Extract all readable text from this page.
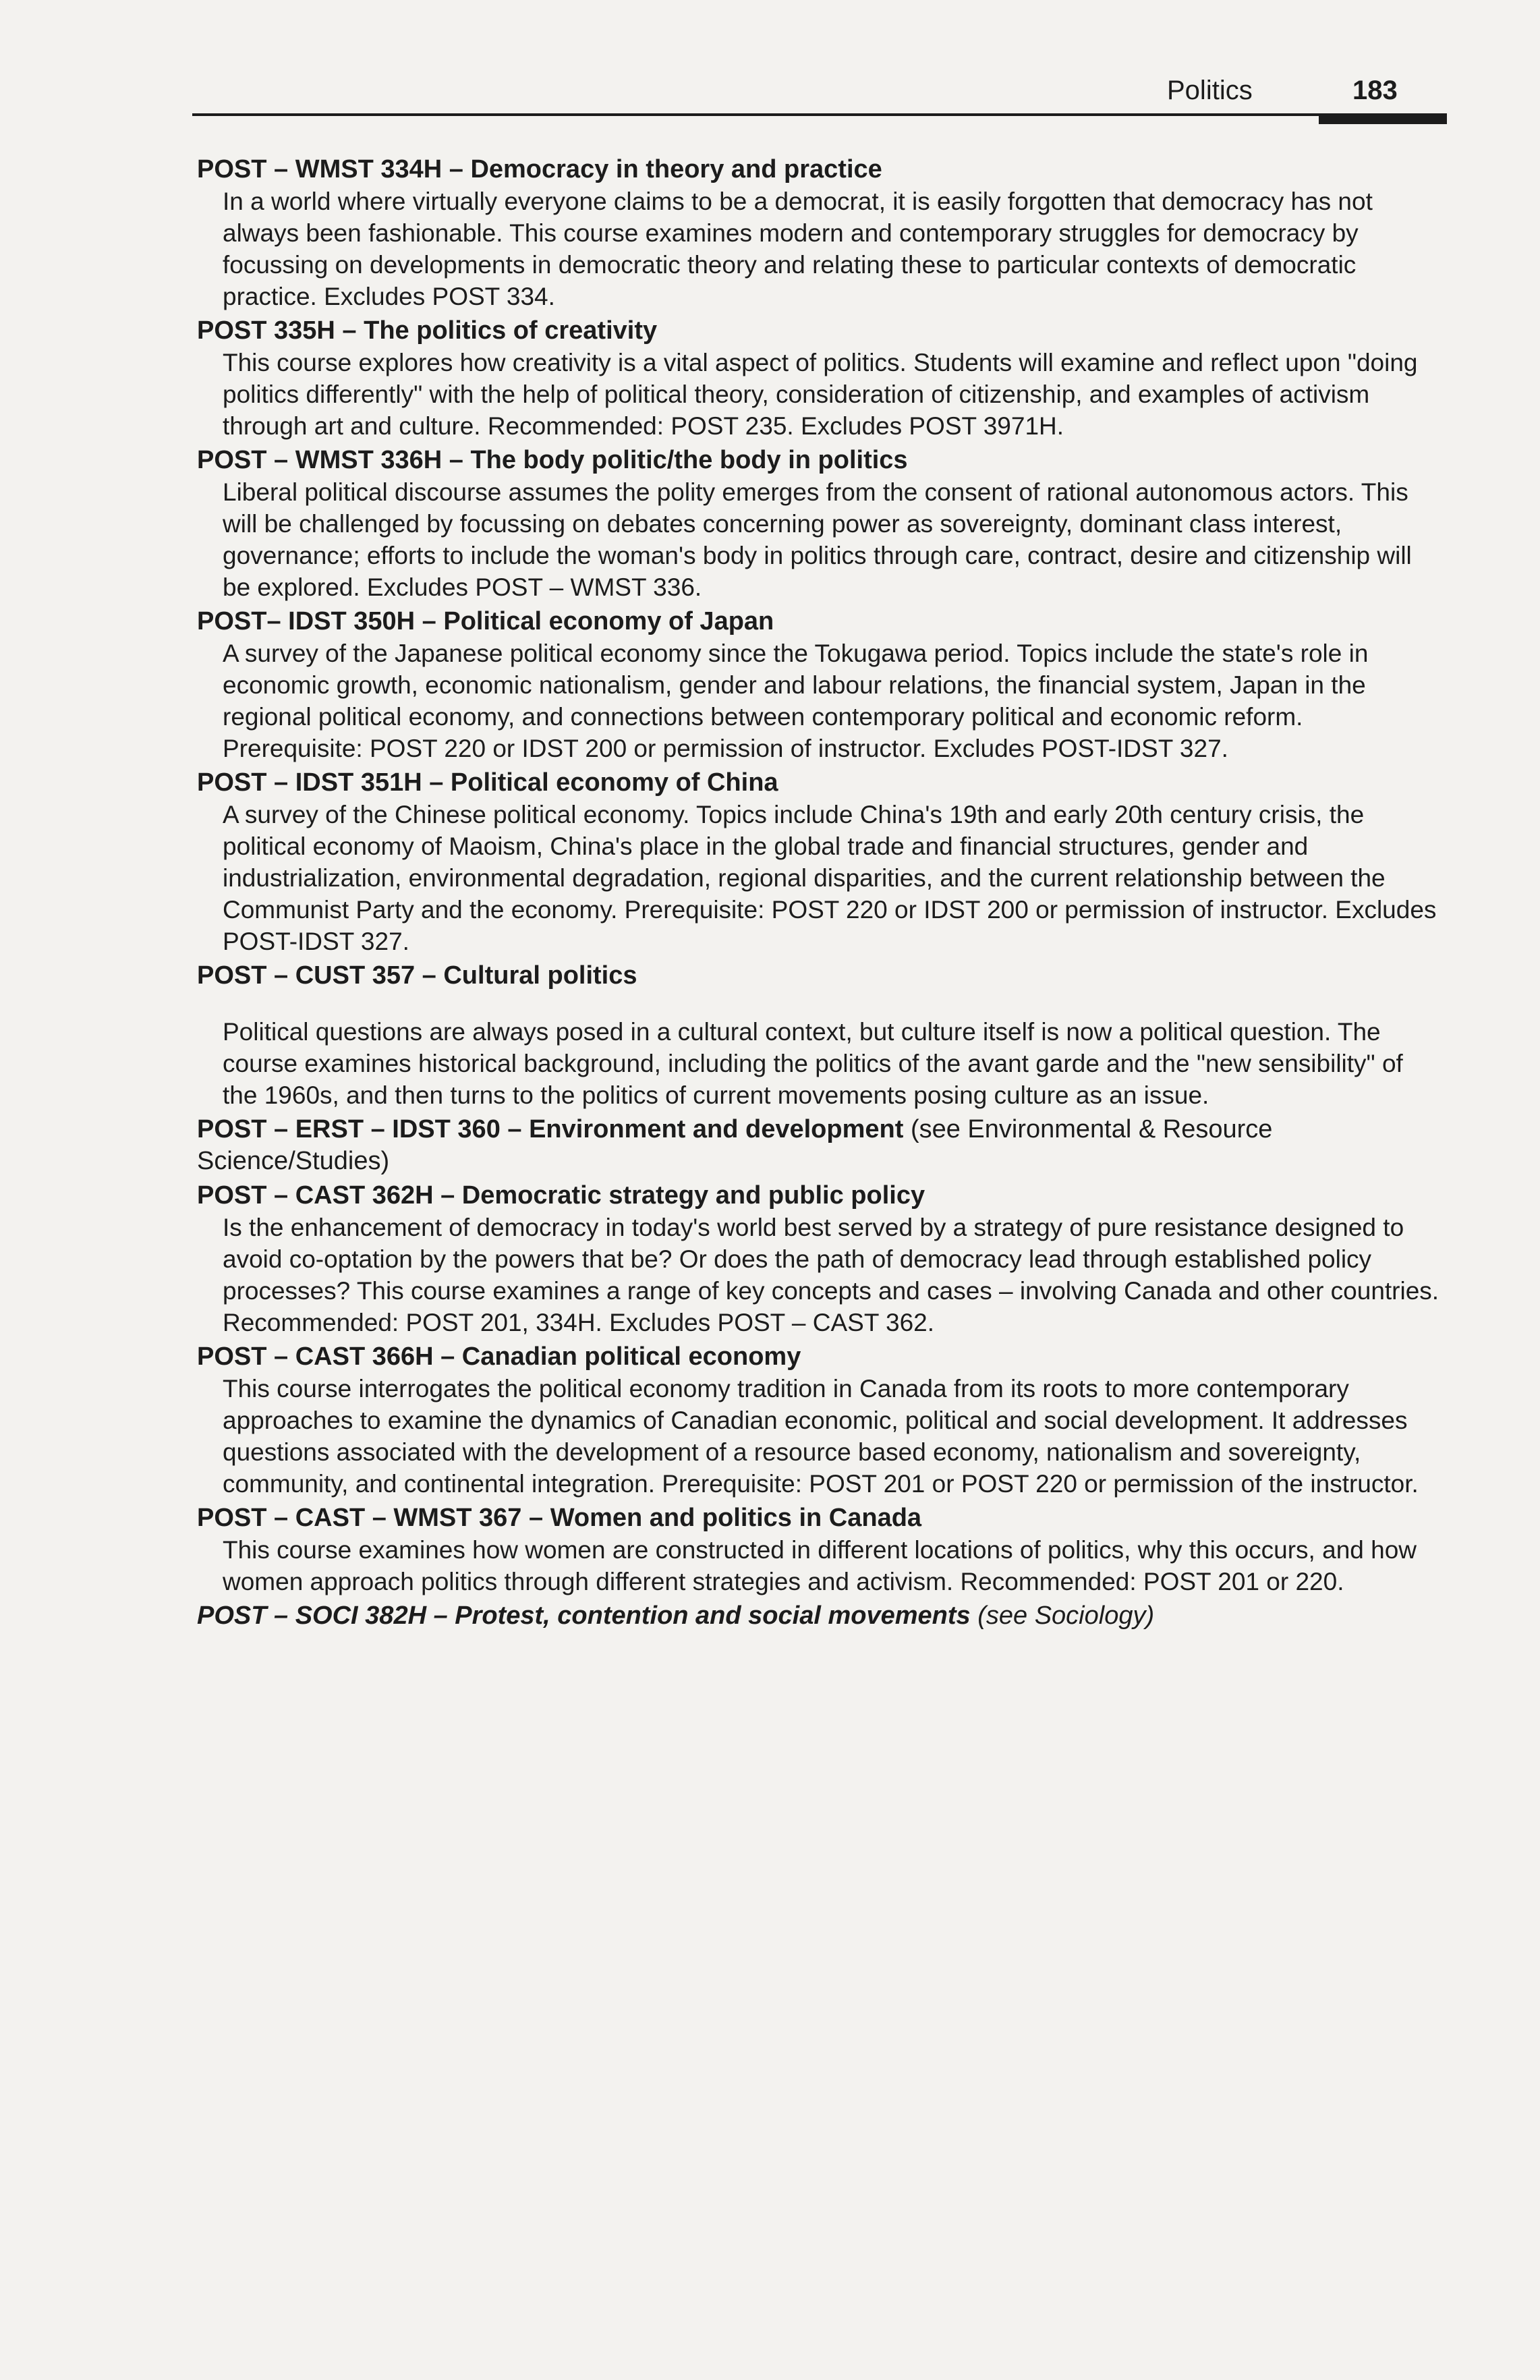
Politics	183
POST – WMST 334H – Democracy in theory and practice

In a world where virtually everyone claims to be a democrat, it is easily forgotten that democracy has not always been fashionable. This course examines modern and contemporary struggles for democracy by focussing on developments in democratic theory and relating these to particular contexts of democratic practice. Excludes POST 334.

POST 335H – The politics of creativity

This course explores how creativity is a vital aspect of politics. Students will examine and reflect upon "doing politics differently" with the help of political theory, consideration of citizenship, and examples of activism through art and culture. Recommended: POST 235. Excludes POST 3971H.

POST – WMST 336H – The body politic/the body in politics

Liberal political discourse assumes the polity emerges from the consent of rational autonomous actors. This will be challenged by focussing on debates concerning power as sovereignty, dominant class interest, governance; efforts to include the woman's body in politics through care, contract, desire and citizenship will be explored. Excludes POST – WMST 336.

POST– IDST 350H – Political economy of Japan

A survey of the Japanese political economy since the Tokugawa period. Topics include the state's role in economic growth, economic nationalism, gender and labour relations, the financial system, Japan in the regional political economy, and connections between contemporary political and economic reform. Prerequisite: POST 220 or IDST 200 or permission of instructor. Excludes POST-IDST 327.

POST – IDST 351H – Political economy of China

A survey of the Chinese political economy. Topics include China's 19th and early 20th century crisis, the political economy of Maoism, China's place in the global trade and financial structures, gender and industrialization, environmental degradation, regional disparities, and the current relationship between the Communist Party and the economy. Prerequisite: POST 220 or IDST 200 or permission of instructor. Excludes POST-IDST 327.

POST – CUST 357 – Cultural politics

Political questions are always posed in a cultural context, but culture itself is now a political question. The course examines historical background, including the politics of the avant garde and the "new sensibility" of the 1960s, and then turns to the politics of current movements posing culture as an issue.

POST – ERST – IDST 360 – Environment and development (see Environmental & Resource Science/Studies)
POST – CAST 362H – Democratic strategy and public policy

Is the enhancement of democracy in today's world best served by a strategy of pure resistance designed to avoid co-optation by the powers that be? Or does the path of democracy lead through established policy processes? This course examines a range of key concepts and cases – involving Canada and other countries. Recommended: POST 201, 334H. Excludes POST – CAST 362.

POST – CAST 366H – Canadian political economy

This course interrogates the political economy tradition in Canada from its roots to more contemporary approaches to examine the dynamics of Canadian economic, political and social development. It addresses questions associated with the development of a resource based economy, nationalism and sovereignty, community, and continental integration. Prerequisite: POST 201 or POST 220 or permission of the instructor.

POST – CAST – WMST 367 – Women and politics in Canada

This course examines how women are constructed in different locations of politics, why this occurs, and how women approach politics through different strategies and activism. Recommended: POST 201 or 220.

POST – SOCI 382H – Protest, contention and social movements (see Sociology)
